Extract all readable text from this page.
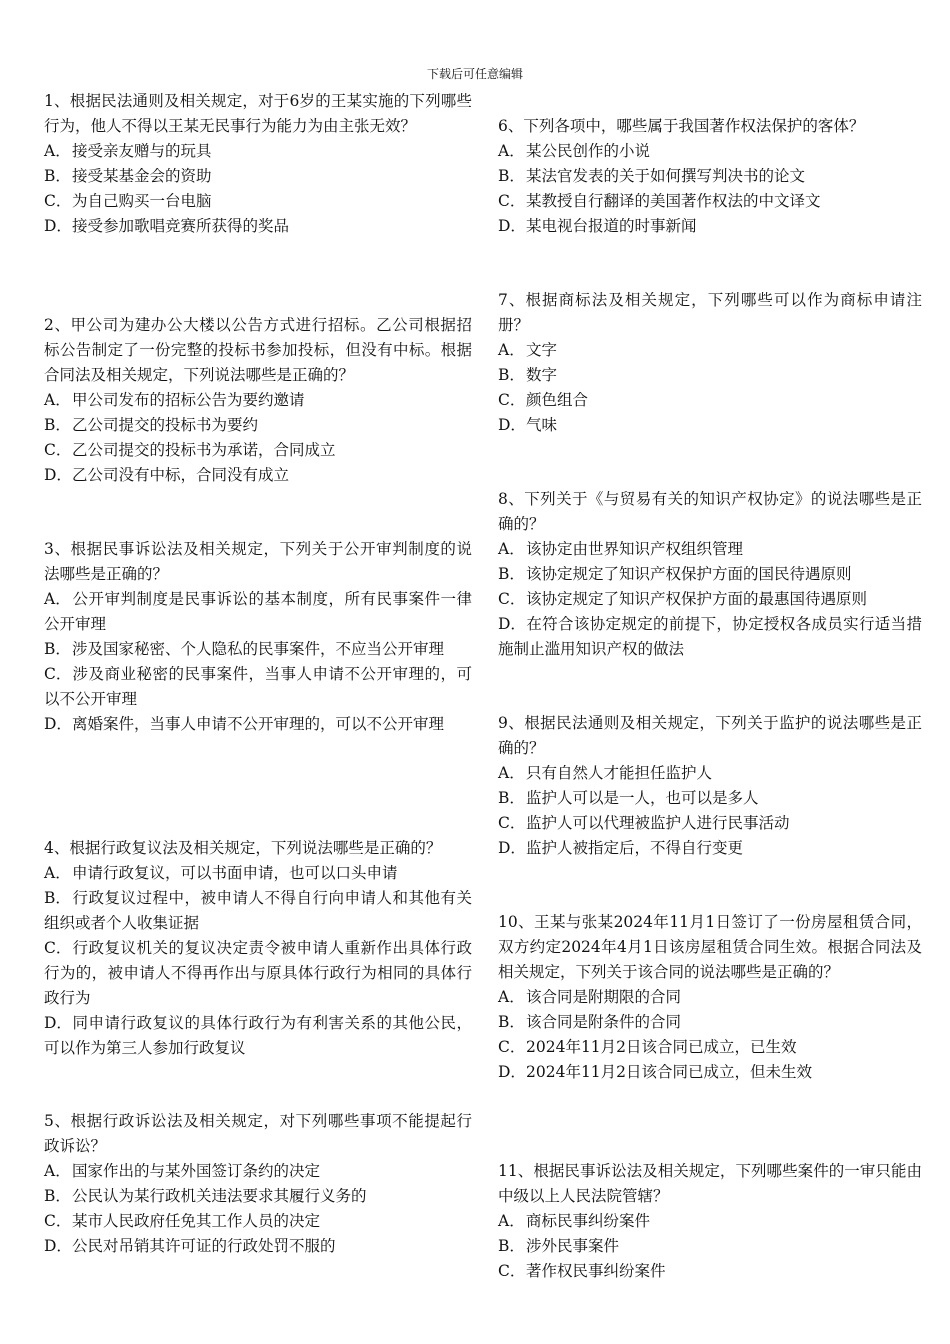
下载后可任意编辑
1、根据民法通则及相关规定，对于6岁的王某实施的下列哪些行为，他人不得以王某无民事行为能力为由主张无效？
A．接受亲友赠与的玩具
B．接受某基金会的资助
C．为自己购买一台电脑
D．接受参加歌唱竞赛所获得的奖品
2、甲公司为建办公大楼以公告方式进行招标。乙公司根据招标公告制定了一份完整的投标书参加投标，但没有中标。根据合同法及相关规定，下列说法哪些是正确的？
A．甲公司发布的招标公告为要约邀请
B．乙公司提交的投标书为要约
C．乙公司提交的投标书为承诺，合同成立
D．乙公司没有中标，合同没有成立
3、根据民事诉讼法及相关规定，下列关于公开审判制度的说法哪些是正确的？
A．公开审判制度是民事诉讼的基本制度，所有民事案件一律公开审理
B．涉及国家秘密、个人隐私的民事案件，不应当公开审理
C．涉及商业秘密的民事案件，当事人申请不公开审理的，可以不公开审理
D．离婚案件，当事人申请不公开审理的，可以不公开审理
4、根据行政复议法及相关规定，下列说法哪些是正确的？
A．申请行政复议，可以书面申请，也可以口头申请
B．行政复议过程中，被申请人不得自行向申请人和其他有关组织或者个人收集证据
C．行政复议机关的复议决定责令被申请人重新作出具体行政行为的，被申请人不得再作出与原具体行政行为相同的具体行政行为
D．同申请行政复议的具体行政行为有利害关系的其他公民，可以作为第三人参加行政复议
5、根据行政诉讼法及相关规定，对下列哪些事项不能提起行政诉讼？
A．国家作出的与某外国签订条约的决定
B．公民认为某行政机关违法要求其履行义务的
C．某市人民政府任免其工作人员的决定
D．公民对吊销其许可证的行政处罚不服的
6、下列各项中，哪些属于我国著作权法保护的客体？
A．某公民创作的小说
B．某法官发表的关于如何撰写判决书的论文
C．某教授自行翻译的美国著作权法的中文译文
D．某电视台报道的时事新闻
7、根据商标法及相关规定，下列哪些可以作为商标申请注册？
A．文字
B．数字
C．颜色组合
D．气味
8、下列关于《与贸易有关的知识产权协定》的说法哪些是正确的？
A．该协定由世界知识产权组织管理
B．该协定规定了知识产权保护方面的国民待遇原则
C．该协定规定了知识产权保护方面的最惠国待遇原则
D．在符合该协定规定的前提下，协定授权各成员实行适当措施制止滥用知识产权的做法
9、根据民法通则及相关规定，下列关于监护的说法哪些是正确的？
A．只有自然人才能担任监护人
B．监护人可以是一人，也可以是多人
C．监护人可以代理被监护人进行民事活动
D．监护人被指定后，不得自行变更
10、王某与张某2024年11月1日签订了一份房屋租赁合同，双方约定2024年4月1日该房屋租赁合同生效。根据合同法及相关规定，下列关于该合同的说法哪些是正确的？
A．该合同是附期限的合同
B．该合同是附条件的合同
C．2024年11月2日该合同已成立，已生效
D．2024年11月2日该合同已成立，但未生效
11、根据民事诉讼法及相关规定，下列哪些案件的一审只能由中级以上人民法院管辖？
A．商标民事纠纷案件
B．涉外民事案件
C．著作权民事纠纷案件
